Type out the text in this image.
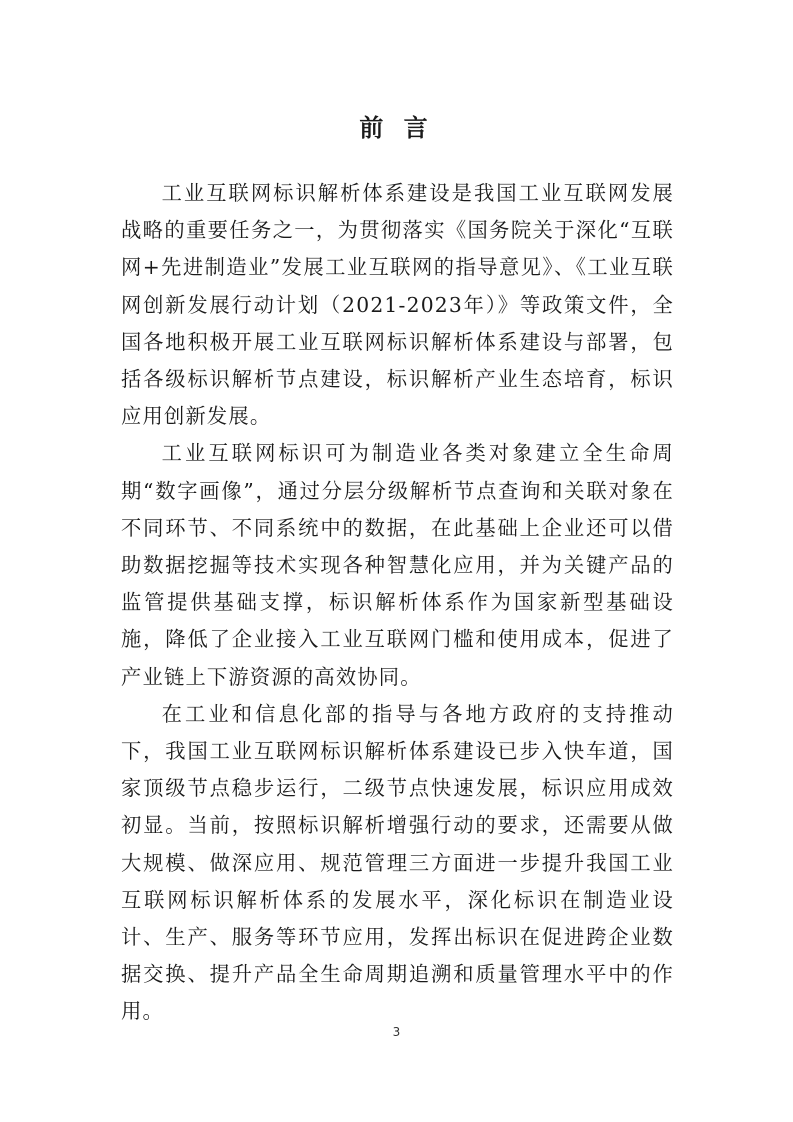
前 言

工业互联网标识解析体系建设是我国工业互联网发展战略的重要任务之一，为贯彻落实《国务院关于深化“互联网+先进制造业”发展工业互联网的指导意见》、《工业互联网创新发展行动计划（2021-2023年）》等政策文件，全国各地积极开展工业互联网标识解析体系建设与部署，包括各级标识解析节点建设，标识解析产业生态培育，标识应用创新发展。

工业互联网标识可为制造业各类对象建立全生命周期“数字画像”，通过分层分级解析节点查询和关联对象在不同环节、不同系统中的数据，在此基础上企业还可以借助数据挖掘等技术实现各种智慧化应用，并为关键产品的监管提供基础支撑，标识解析体系作为国家新型基础设施，降低了企业接入工业互联网门槛和使用成本，促进了产业链上下游资源的高效协同。

在工业和信息化部的指导与各地方政府的支持推动下，我国工业互联网标识解析体系建设已步入快车道，国家顶级节点稳步运行，二级节点快速发展，标识应用成效初显。当前，按照标识解析增强行动的要求，还需要从做大规模、做深应用、规范管理三方面进一步提升我国工业互联网标识解析体系的发展水平，深化标识在制造业设计、生产、服务等环节应用，发挥出标识在促进跨企业数据交换、提升产品全生命周期追溯和质量管理水平中的作用。

3
